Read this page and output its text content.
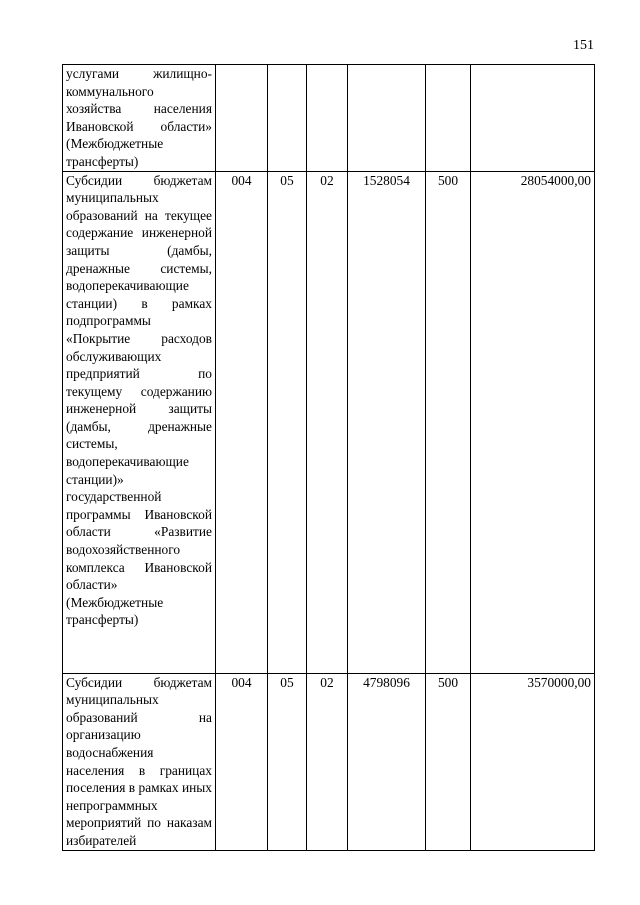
151
услугами жилищно-коммунального хозяйства населения Ивановской области» (Межбюджетные трансферты)						
Субсидии бюджетам муниципальных образований на текущее содержание инженерной защиты (дамбы, дренажные системы, водоперекачивающие станции) в рамках подпрограммы «Покрытие расходов обслуживающих предприятий по текущему содержанию инженерной защиты (дамбы, дренажные системы, водоперекачивающие станции)» государственной программы Ивановской области «Развитие водохозяйственного комплекса Ивановской области» (Межбюджетные трансферты)	004	05	02	1528054	500	28054000,00
Субсидии бюджетам муниципальных образований на организацию водоснабжения населения в границах поселения в рамках иных непрограммных мероприятий по наказам избирателей	004	05	02	4798096	500	3570000,00
